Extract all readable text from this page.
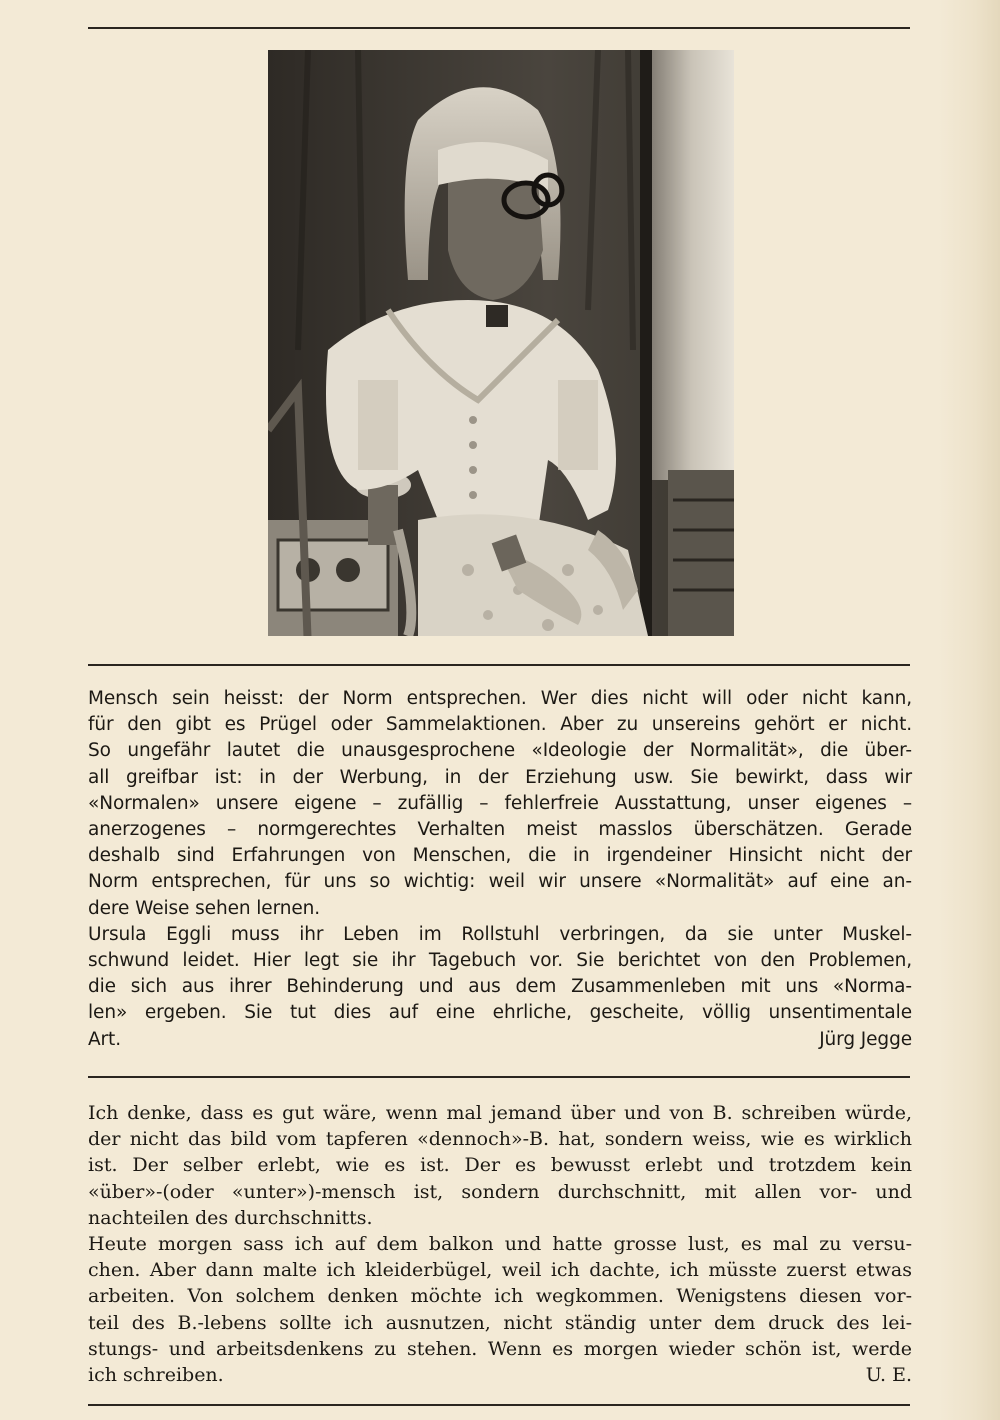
Mensch sein heisst: der Norm entsprechen. Wer dies nicht will oder nicht kann,
für den gibt es Prügel oder Sammelaktionen. Aber zu unsereins gehört er nicht.
So ungefähr lautet die unausgesprochene «Ideologie der Normalität», die über-
all greifbar ist: in der Werbung, in der Erziehung usw. Sie bewirkt, dass wir
«Normalen» unsere eigene – zufällig – fehlerfreie Ausstattung, unser eigenes –
anerzogenes – normgerechtes Verhalten meist masslos überschätzen. Gerade
deshalb sind Erfahrungen von Menschen, die in irgendeiner Hinsicht nicht der
Norm entsprechen, für uns so wichtig: weil wir unsere «Normalität» auf eine an-
dere Weise sehen lernen.
Ursula Eggli muss ihr Leben im Rollstuhl verbringen, da sie unter Muskel-
schwund leidet. Hier legt sie ihr Tagebuch vor. Sie berichtet von den Problemen,
die sich aus ihrer Behinderung und aus dem Zusammenleben mit uns «Norma-
len» ergeben. Sie tut dies auf eine ehrliche, gescheite, völlig unsentimentale
Art.	Jürg Jegge
Ich denke, dass es gut wäre, wenn mal jemand über und von B. schreiben würde,
der nicht das bild vom tapferen «dennoch»-B. hat, sondern weiss, wie es wirklich
ist. Der selber erlebt, wie es ist. Der es bewusst erlebt und trotzdem kein
«über»-(oder «unter»)-mensch ist, sondern durchschnitt, mit allen vor- und
nachteilen des durchschnitts.
Heute morgen sass ich auf dem balkon und hatte grosse lust, es mal zu versu-
chen. Aber dann malte ich kleiderbügel, weil ich dachte, ich müsste zuerst etwas
arbeiten. Von solchem denken möchte ich wegkommen. Wenigstens diesen vor-
teil des B.-lebens sollte ich ausnutzen, nicht ständig unter dem druck des lei-
stungs- und arbeitsdenkens zu stehen. Wenn es morgen wieder schön ist, werde
ich schreiben.	U. E.
